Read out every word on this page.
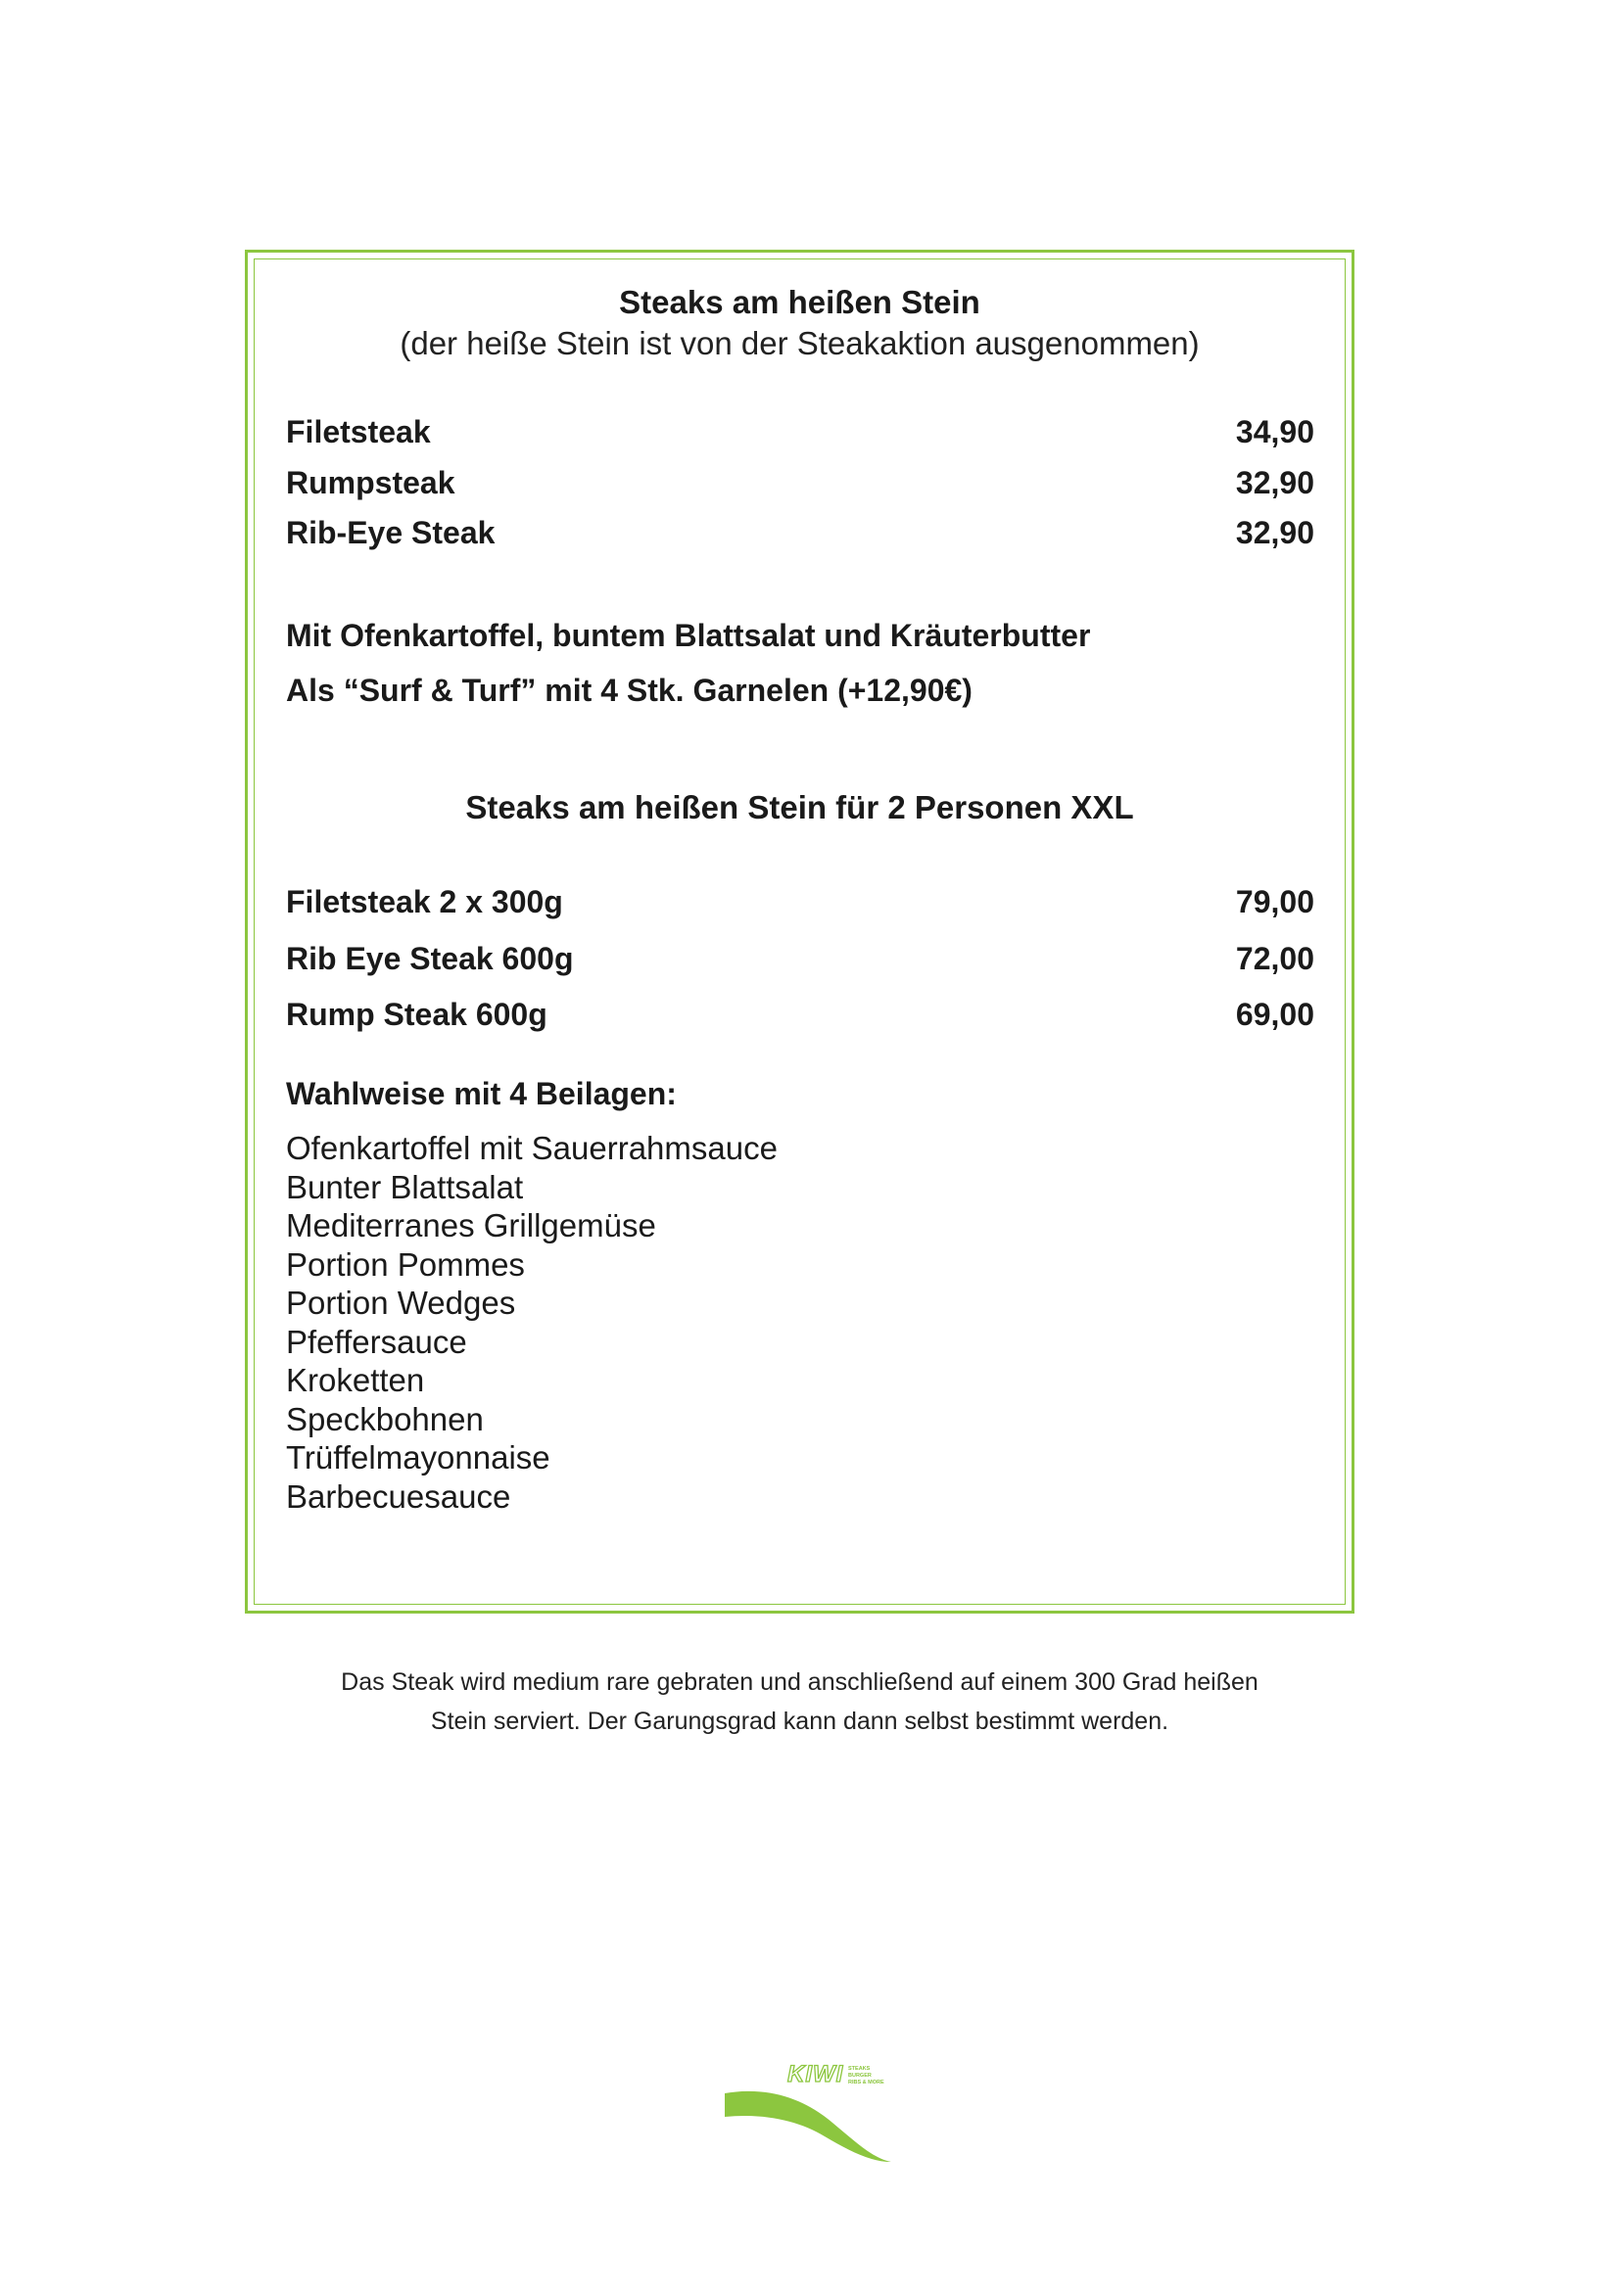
Steaks am heißen Stein
(der heiße Stein ist von der Steakaktion ausgenommen)
Filetsteak	34,90
Rumpsteak	32,90
Rib-Eye Steak	32,90
Mit Ofenkartoffel, buntem Blattsalat und Kräuterbutter
Als “Surf & Turf” mit 4 Stk. Garnelen (+12,90€)
Steaks am heißen Stein für 2 Personen XXL
Filetsteak 2 x 300g	79,00
Rib Eye Steak 600g	72,00
Rump Steak 600g	69,00
Wahlweise mit 4 Beilagen:
Ofenkartoffel mit Sauerrahmsauce
Bunter Blattsalat
Mediterranes Grillgemüse
Portion Pommes
Portion Wedges
Pfeffersauce
Kroketten
Speckbohnen
Trüffelmayonnaise
Barbecuesauce
Das Steak wird medium rare gebraten und anschließend auf einem 300 Grad heißen
Stein serviert. Der Garungsgrad kann dann selbst bestimmt werden.
KIWI STEAKS
BURGER
RIBS & MORE
